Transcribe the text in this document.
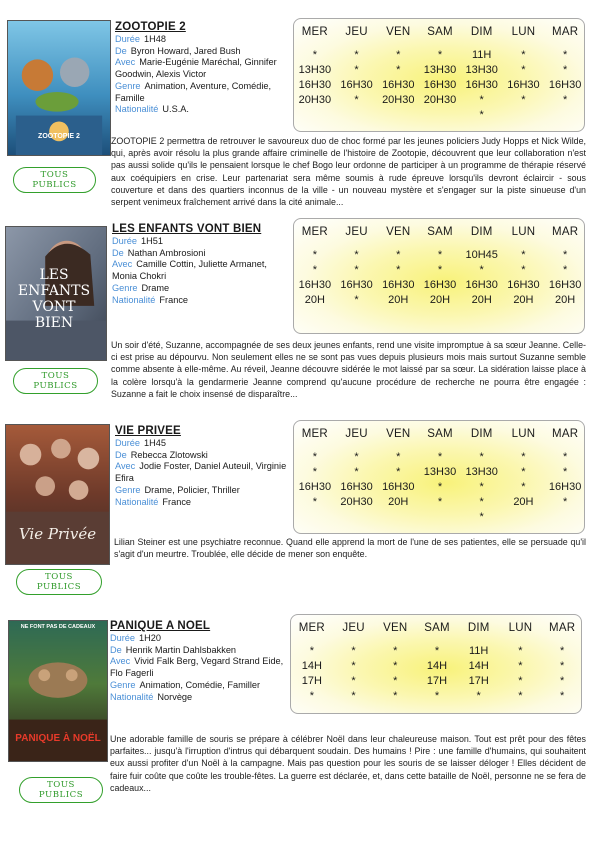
ZOOTOPIE 2
TOUS
PUBLICS
ZOOTOPIE 2
Durée 1H48
De Byron Howard, Jared Bush
Avec Marie-Eugénie Maréchal, Ginnifer Goodwin, Alexis Victor
Genre Animation, Aventure, Comédie, Famille
Nationalité U.S.A.
MER
*
13H30
16H30
20H30
JEU
*
*
16H30
*
VEN
*
*
16H30
20H30
SAM
*
13H30
16H30
20H30
DIM
11H
13H30
16H30
*
*
LUN
*
*
16H30
*
MAR
*
*
16H30
*
ZOOTOPIE 2 permettra de retrouver le savoureux duo de choc formé par les jeunes policiers Judy Hopps et Nick Wilde, qui, après avoir résolu la plus grande affaire criminelle de l'histoire de Zootopie, découvrent que leur collaboration n'est pas aussi solide qu'ils le pensaient lorsque le chef Bogo leur ordonne de participer à un programme de thérapie réservé aux coéquipiers en crise. Leur partenariat sera même soumis à rude épreuve lorsqu'ils devront éclaircir - sous couverture et dans des quartiers inconnus de la ville - un nouveau mystère et s'engager sur la piste sinueuse d'un serpent venimeux fraîchement arrivé dans la cité animale...
LES ENFANTS VONT BIEN
TOUS
PUBLICS
LES ENFANTS VONT BIEN
Durée 1H51
De Nathan Ambrosioni
Avec Camille Cottin, Juliette Armanet, Monia Chokri
Genre Drame
Nationalité France
MER
*
*
16H30
20H
JEU
*
*
16H30
*
VEN
*
*
16H30
20H
SAM
*
*
16H30
20H
DIM
10H45
*
16H30
20H
LUN
*
*
16H30
20H
MAR
*
*
16H30
20H
Un soir d'été, Suzanne, accompagnée de ses deux jeunes enfants, rend une visite impromptue à sa sœur Jeanne. Celle-ci est prise au dépourvu. Non seulement elles ne se sont pas vues depuis plusieurs mois mais surtout Suzanne semble comme absente à elle-même. Au réveil, Jeanne découvre sidérée le mot laissé par sa sœur. La sidération laisse place à la colère lorsqu'à la gendarmerie Jeanne comprend qu'aucune procédure de recherche ne pourra être engagée : Suzanne a fait le choix insensé de disparaître...
Vie Privée
TOUS
PUBLICS
VIE PRIVEE
Durée 1H45
De Rebecca Zlotowski
Avec Jodie Foster, Daniel Auteuil, Virginie Efira
Genre Drame, Policier, Thriller
Nationalité France
MER
*
*
16H30
*
JEU
*
*
16H30
20H30
VEN
*
*
16H30
20H
SAM
*
13H30
*
*
DIM
*
13H30
*
*
*
LUN
*
*
*
20H
MAR
*
*
16H30
*
Lilian Steiner est une psychiatre reconnue. Quand elle apprend la mort de l'une de ses patientes, elle se persuade qu'il s'agit d'un meurtre. Troublée, elle décide de mener son enquête.
NE FONT PAS DE CADEAUX
PANIQUE À NOËL
TOUS
PUBLICS
PANIQUE A NOEL
Durée 1H20
De Henrik Martin Dahlsbakken
Avec Vivid Falk Berg, Vegard Strand Eide, Flo Fagerli
Genre Animation, Comédie, Familler
Nationalité Norvège
MER
*
14H
17H
*
JEU
*
*
*
*
VEN
*
*
*
*
SAM
*
14H
17H
*
DIM
11H
14H
17H
*
LUN
*
*
*
*
MAR
*
*
*
*
Une adorable famille de souris se prépare à célébrer Noël dans leur chaleureuse maison. Tout est prêt pour des fêtes parfaites... jusqu'à l'irruption d'intrus qui débarquent soudain. Des humains ! Pire : une famille d'humains, qui souhaitent eux aussi profiter d'un Noël à la campagne. Mais pas question pour les souris de se laisser déloger ! Elles décident de faire fuir coûte que coûte les trouble-fêtes. La guerre est déclarée, et, dans cette bataille de Noël, personne ne se fera de cadeaux...
